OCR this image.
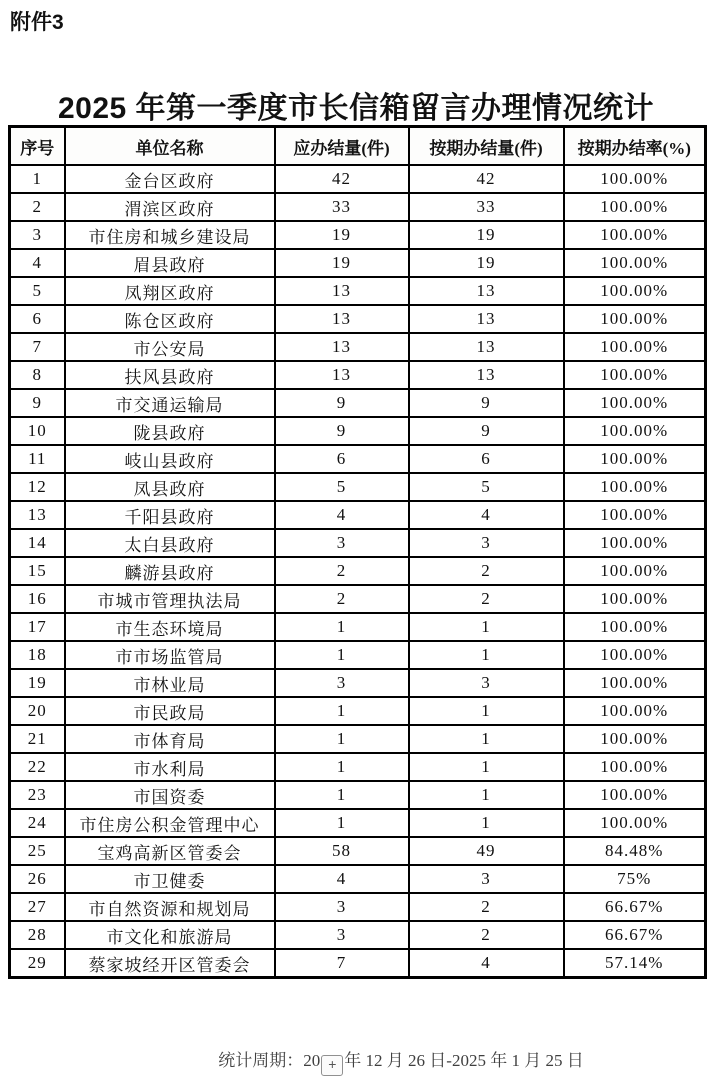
附件3
2025 年第一季度市长信箱留言办理情况统计
序号	单位名称	应办结量(件)	按期办结量(件)	按期办结率(%)
1	金台区政府	42	42	100.00%
2	渭滨区政府	33	33	100.00%
3	市住房和城乡建设局	19	19	100.00%
4	眉县政府	19	19	100.00%
5	凤翔区政府	13	13	100.00%
6	陈仓区政府	13	13	100.00%
7	市公安局	13	13	100.00%
8	扶风县政府	13	13	100.00%
9	市交通运输局	9	9	100.00%
10	陇县政府	9	9	100.00%
11	岐山县政府	6	6	100.00%
12	凤县政府	5	5	100.00%
13	千阳县政府	4	4	100.00%
14	太白县政府	3	3	100.00%
15	麟游县政府	2	2	100.00%
16	市城市管理执法局	2	2	100.00%
17	市生态环境局	1	1	100.00%
18	市市场监管局	1	1	100.00%
19	市林业局	3	3	100.00%
20	市民政局	1	1	100.00%
21	市体育局	1	1	100.00%
22	市水利局	1	1	100.00%
23	市国资委	1	1	100.00%
24	市住房公积金管理中心	1	1	100.00%
25	宝鸡高新区管委会	58	49	84.48%
26	市卫健委	4	3	75%
27	市自然资源和规划局	3	2	66.67%
28	市文化和旅游局	3	2	66.67%
29	蔡家坡经开区管委会	7	4	57.14%
统计周期：20 + 年 12 月 26 日-2025 年 1 月 25 日
